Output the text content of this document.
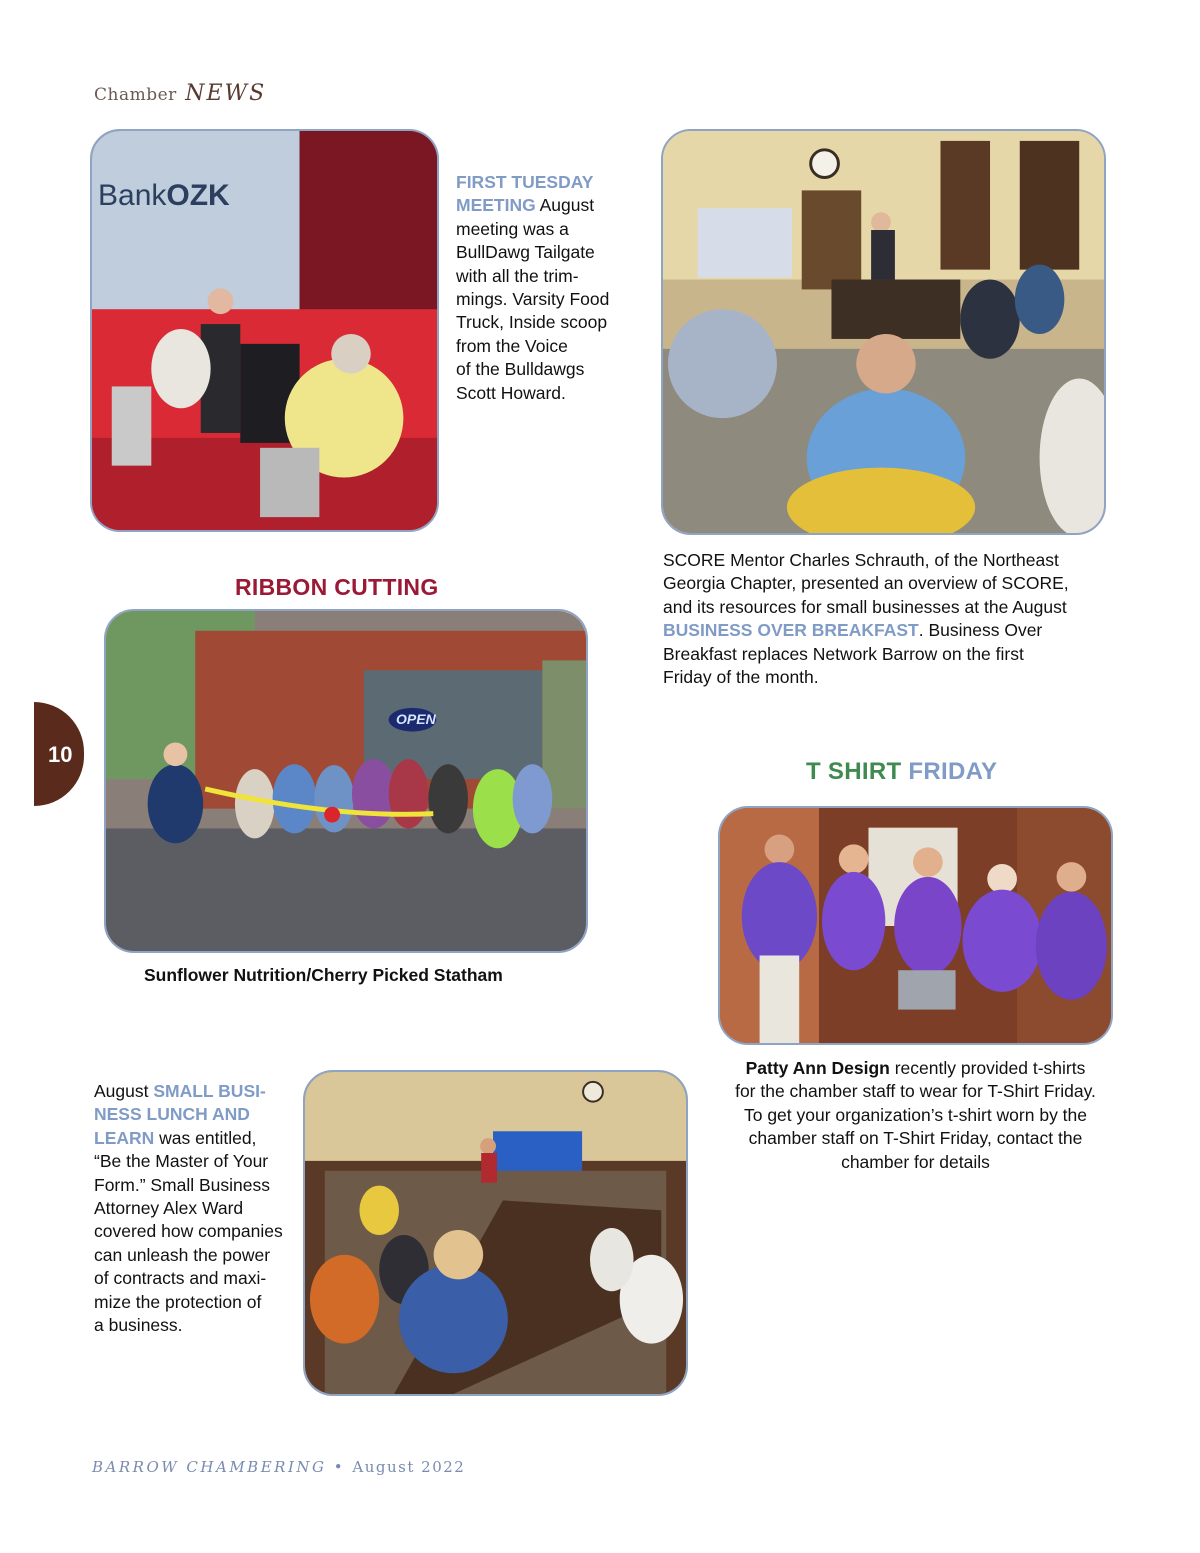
Chamber NEWS
10
BankOZK	FIRST TUESDAY
MEETING August
meeting was a
BullDawg Tailgate
with all the trim-
mings. Varsity Food
Truck, Inside scoop
from the Voice
of the Bulldawgs
Scott Howard.
SCORE Mentor Charles Schrauth, of the Northeast
Georgia Chapter, presented an overview of SCORE,
and its resources for small businesses at the August
BUSINESS OVER BREAKFAST. Business Over
Breakfast replaces Network Barrow on the first
Friday of the month.
RIBBON CUTTING
OPEN
Sunflower Nutrition/Cherry Picked Statham
T SHIRT FRIDAY
Patty Ann Design recently provided t-shirts
for the chamber staff to wear for T-Shirt Friday.
To get your organization’s t-shirt worn by the
chamber staff on T-Shirt Friday, contact the
chamber for details
August SMALL BUSI-
NESS LUNCH AND
LEARN was entitled,
“Be the Master of Your
Form.” Small Business
Attorney Alex Ward
covered how companies
can unleash the power
of contracts and maxi-
mize the protection of
a business.
BARROW CHAMBERING • August 2022
